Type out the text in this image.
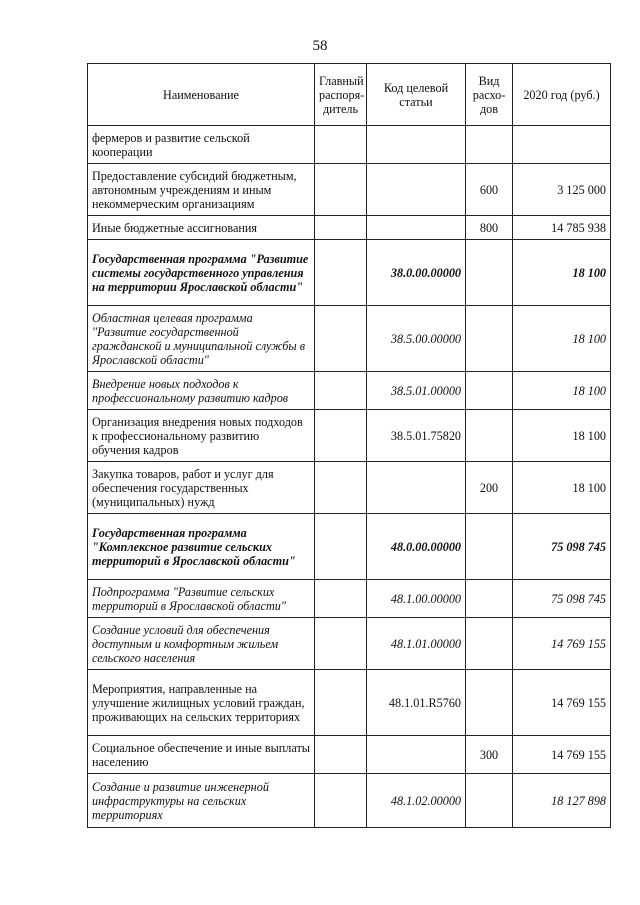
58
Наименование	Главный распоря-дитель	Код целевой статьи	Вид расхо-дов	2020 год (руб.)
фермеров и развитие сельской кооперации				
Предоставление субсидий бюджетным, автономным учреждениям и иным некоммерческим организациям			600	3 125 000
Иные бюджетные ассигнования			800	14 785 938
Государственная программа "Развитие системы государственного управления на территории Ярославской области"		38.0.00.00000		18 100
Областная целевая программа "Развитие государственной гражданской и муниципальной службы в Ярославской области"		38.5.00.00000		18 100
Внедрение новых подходов к профессиональному развитию кадров		38.5.01.00000		18 100
Организация внедрения новых подходов к профессиональному развитию обучения кадров		38.5.01.75820		18 100
Закупка товаров, работ и услуг для обеспечения государственных (муниципальных) нужд			200	18 100
Государственная программа "Комплексное развитие сельских территорий в Ярославской области"		48.0.00.00000		75 098 745
Подпрограмма "Развитие сельских территорий в Ярославской области"		48.1.00.00000		75 098 745
Создание условий для обеспечения доступным и комфортным жильем сельского населения		48.1.01.00000		14 769 155
Мероприятия, направленные на улучшение жилищных условий граждан, проживающих на сельских территориях		48.1.01.R5760		14 769 155
Социальное обеспечение и иные выплаты населению			300	14 769 155
Создание и развитие инженерной инфраструктуры на сельских территориях		48.1.02.00000		18 127 898
